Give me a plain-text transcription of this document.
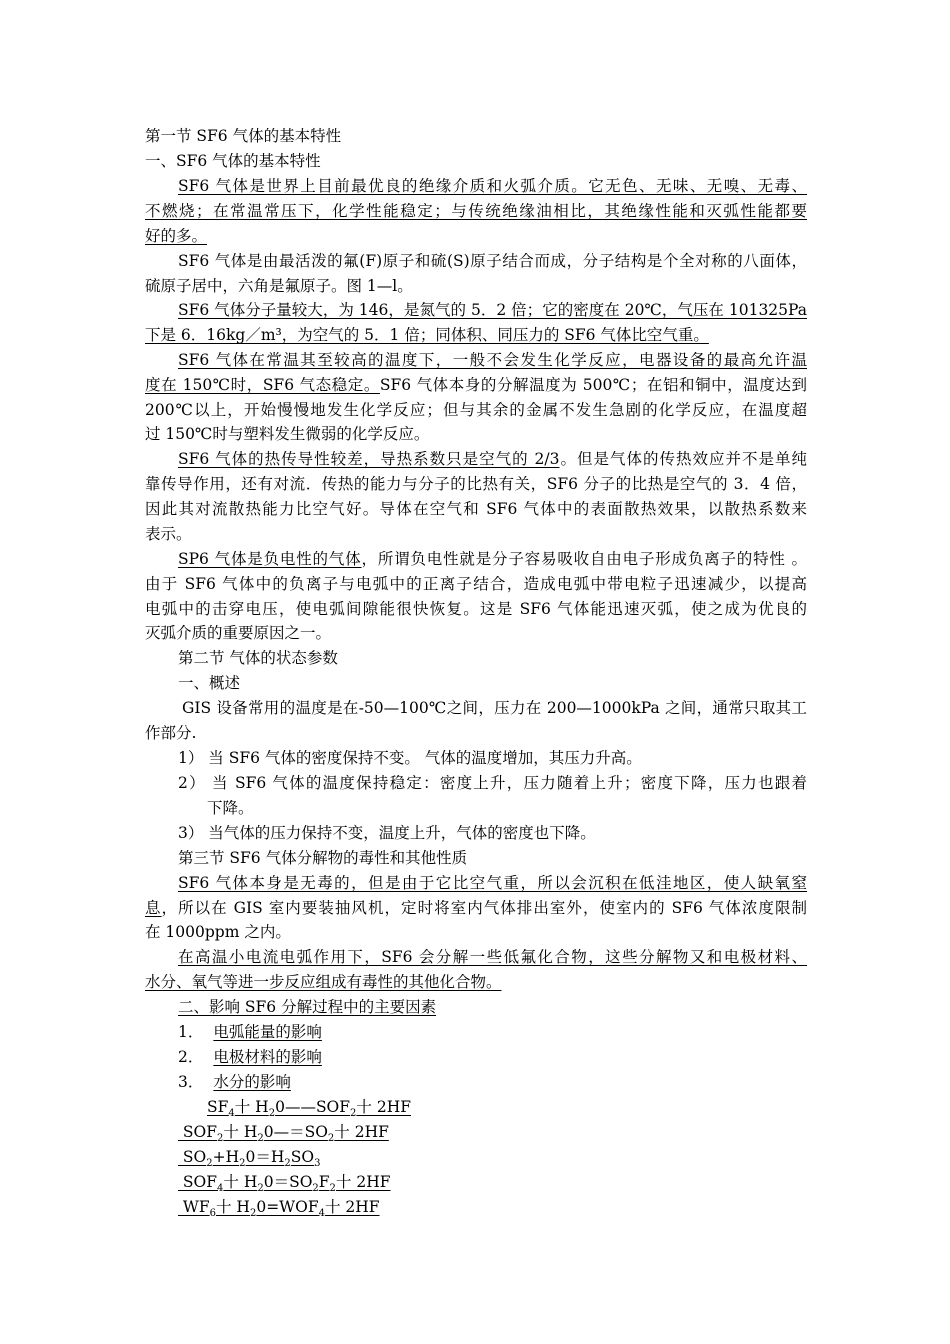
第一节 SF6 气体的基本特性
一、SF6 气体的基本特性
SF6 气体是世界上目前最优良的绝缘介质和火弧介质。它无色、无味、无嗅、无毒、
不燃烧；在常温常压下，化学性能稳定；与传统绝缘油相比，其绝缘性能和灭弧性能都要
好的多。
SF6 气体是由最活泼的氟(F)原子和硫(S)原子结合而成，分子结构是个全对称的八面体，
硫原子居中，六角是氟原子。图 1—l。
SF6 气体分子量较大，为 146，是氮气的 5．2 倍；它的密度在 20℃，气压在 101325Pa
下是 6．16kg／m³，为空气的 5．1 倍；同体积、同压力的 SF6 气体比空气重。
SF6 气体在常温其至较高的温度下，一般不会发生化学反应，电器设备的最高允许温
度在 150℃时，SF6 气态稳定。SF6 气体本身的分解温度为 500℃；在铝和铜中，温度达到
200℃以上，开始慢慢地发生化学反应；但与其余的金属不发生急剧的化学反应，在温度超
过 150℃时与塑料发生微弱的化学反应。
SF6 气体的热传导性较差，导热系数只是空气的 2/3。但是气体的传热效应并不是单纯
靠传导作用，还有对流．传热的能力与分子的比热有关，SF6 分子的比热是空气的 3．4 倍，
因此其对流散热能力比空气好。导体在空气和 SF6 气体中的表面散热效果，以散热系数来
表示。
SP6 气体是负电性的气体，所谓负电性就是分子容易吸收自由电子形成负离子的特性 。
由于 SF6 气体中的负离子与电弧中的正离子结合，造成电弧中带电粒子迅速减少，以提高
电弧中的击穿电压，使电弧间隙能很快恢复。这是 SF6 气体能迅速灭弧，使之成为优良的
灭弧介质的重要原因之一。
第二节 气体的状态参数
一、概述
GIS 设备常用的温度是在-50—100℃之间，压力在 200—1000kPa 之间，通常只取其工
作部分.
1） 当 SF6 气体的密度保持不变。 气体的温度增加，其压力升高。
2） 当 SF6 气体的温度保持稳定：密度上升，压力随着上升；密度下降，压力也跟着
下降。
3） 当气体的压力保持不变，温度上升，气体的密度也下降。
第三节 SF6 气体分解物的毒性和其他性质
SF6 气体本身是无毒的，但是由于它比空气重，所以会沉积在低洼地区，使人缺氧窒
息，所以在 GIS 室内要装抽风机，定时将室内气体排出室外，使室内的 SF6 气体浓度限制
在 1000ppm 之内。
在高温小电流电弧作用下，SF6 会分解一些低氟化合物，这些分解物又和电极材料、
水分、氧气等进一步反应组成有毒性的其他化合物。
二、影响 SF6 分解过程中的主要因素
1． 电弧能量的影响
2． 电极材料的影响
3． 水分的影响
$SF_4$十 $H_20——SOF_2$十 2HF
$SOF_2$十 $H_20—=SO_2$十 2HF
$SO_2+H_20=H_2SO_3$
$SOF_4$十 $H_20=SO_2F_2$十 2HF
$WF_6$十 $H_20=WOF_4$十 2HF
